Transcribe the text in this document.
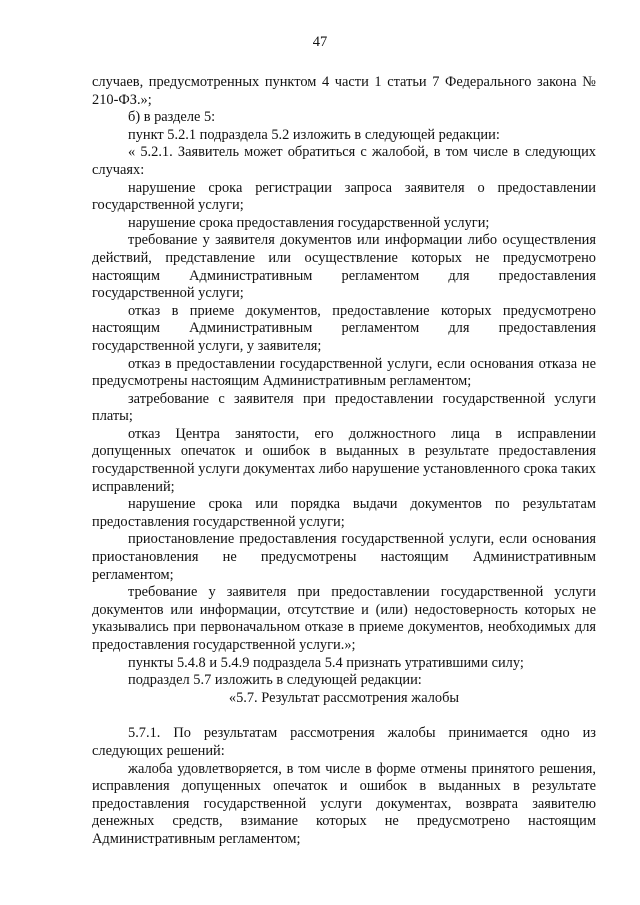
47

случаев, предусмотренных пунктом 4 части 1 статьи 7 Федерального закона № 210-ФЗ.»;

б) в разделе 5:

пункт 5.2.1 подраздела 5.2 изложить в следующей редакции:

« 5.2.1. Заявитель может обратиться с жалобой, в том числе в следующих случаях:

нарушение срока регистрации запроса заявителя о предоставлении государственной услуги;

нарушение срока предоставления государственной услуги;

требование у заявителя документов или информации либо осуществления действий, представление или осуществление которых не предусмотрено настоящим Административным регламентом для предоставления государственной услуги;

отказ в приеме документов, предоставление которых предусмотрено настоящим Административным регламентом для предоставления государственной услуги, у заявителя;

отказ в предоставлении государственной услуги, если основания отказа не предусмотрены настоящим Административным регламентом;

затребование с заявителя при предоставлении государственной услуги платы;

отказ Центра занятости, его должностного лица в исправлении допущенных опечаток и ошибок в выданных в результате предоставления государственной услуги документах либо нарушение установленного срока таких исправлений;

нарушение срока или порядка выдачи документов по результатам предоставления государственной услуги;

приостановление предоставления государственной услуги, если основания приостановления не предусмотрены настоящим Административным регламентом;

требование у заявителя при предоставлении государственной услуги документов или информации, отсутствие и (или) недостоверность которых не указывались при первоначальном отказе в приеме документов, необходимых для предоставления государственной услуги.»;

пункты 5.4.8 и 5.4.9 подраздела 5.4 признать утратившими силу;

подраздел 5.7 изложить в следующей редакции:

«5.7. Результат рассмотрения жалобы

5.7.1. По результатам рассмотрения жалобы принимается одно из следующих решений:

жалоба удовлетворяется, в том числе в форме отмены принятого решения, исправления допущенных опечаток и ошибок в выданных в результате предоставления государственной услуги документах, возврата заявителю денежных средств, взимание которых не предусмотрено настоящим Административным регламентом;
